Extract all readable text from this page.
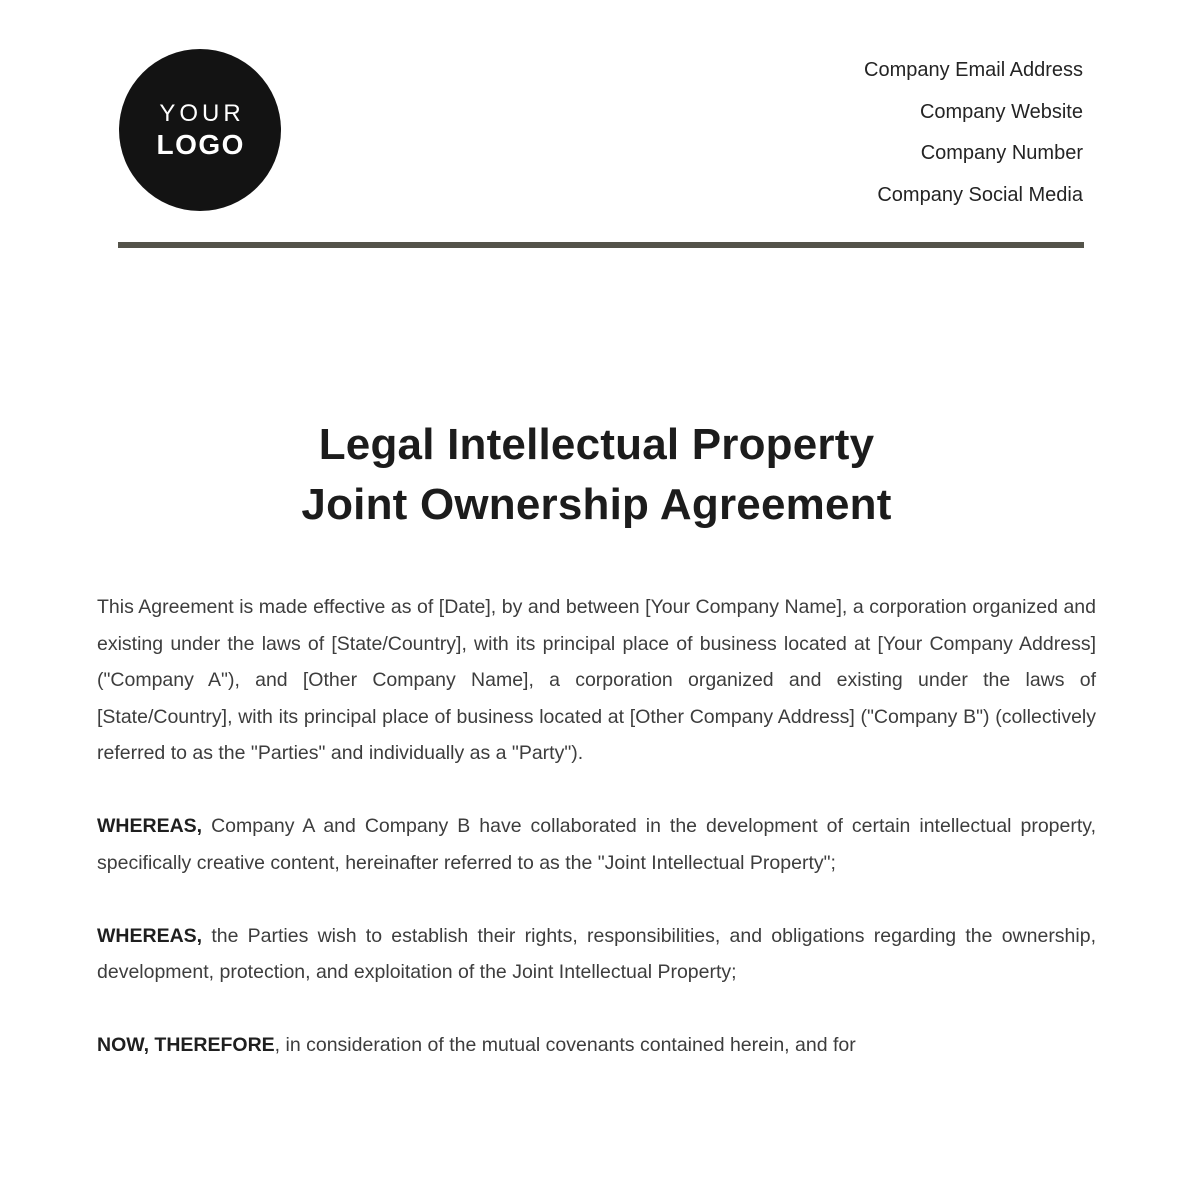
YOUR
LOGO
Company Email Address
Company Website
Company Number
Company Social Media
Legal Intellectual Property
Joint Ownership Agreement

This Agreement is made effective as of [Date], by and between [Your Company Name], a corporation organized and existing under the laws of [State/Country], with its principal place of business located at [Your Company Address] ("Company A"), and [Other Company Name], a corporation organized and existing under the laws of [State/Country], with its principal place of business located at [Other Company Address] ("Company B") (collectively referred to as the "Parties" and individually as a "Party").

WHEREAS, Company A and Company B have collaborated in the development of certain intellectual property, specifically creative content, hereinafter referred to as the "Joint Intellectual Property";

WHEREAS, the Parties wish to establish their rights, responsibilities, and obligations regarding the ownership, development, protection, and exploitation of the Joint Intellectual Property;

NOW, THEREFORE, in consideration of the mutual covenants contained herein, and for
